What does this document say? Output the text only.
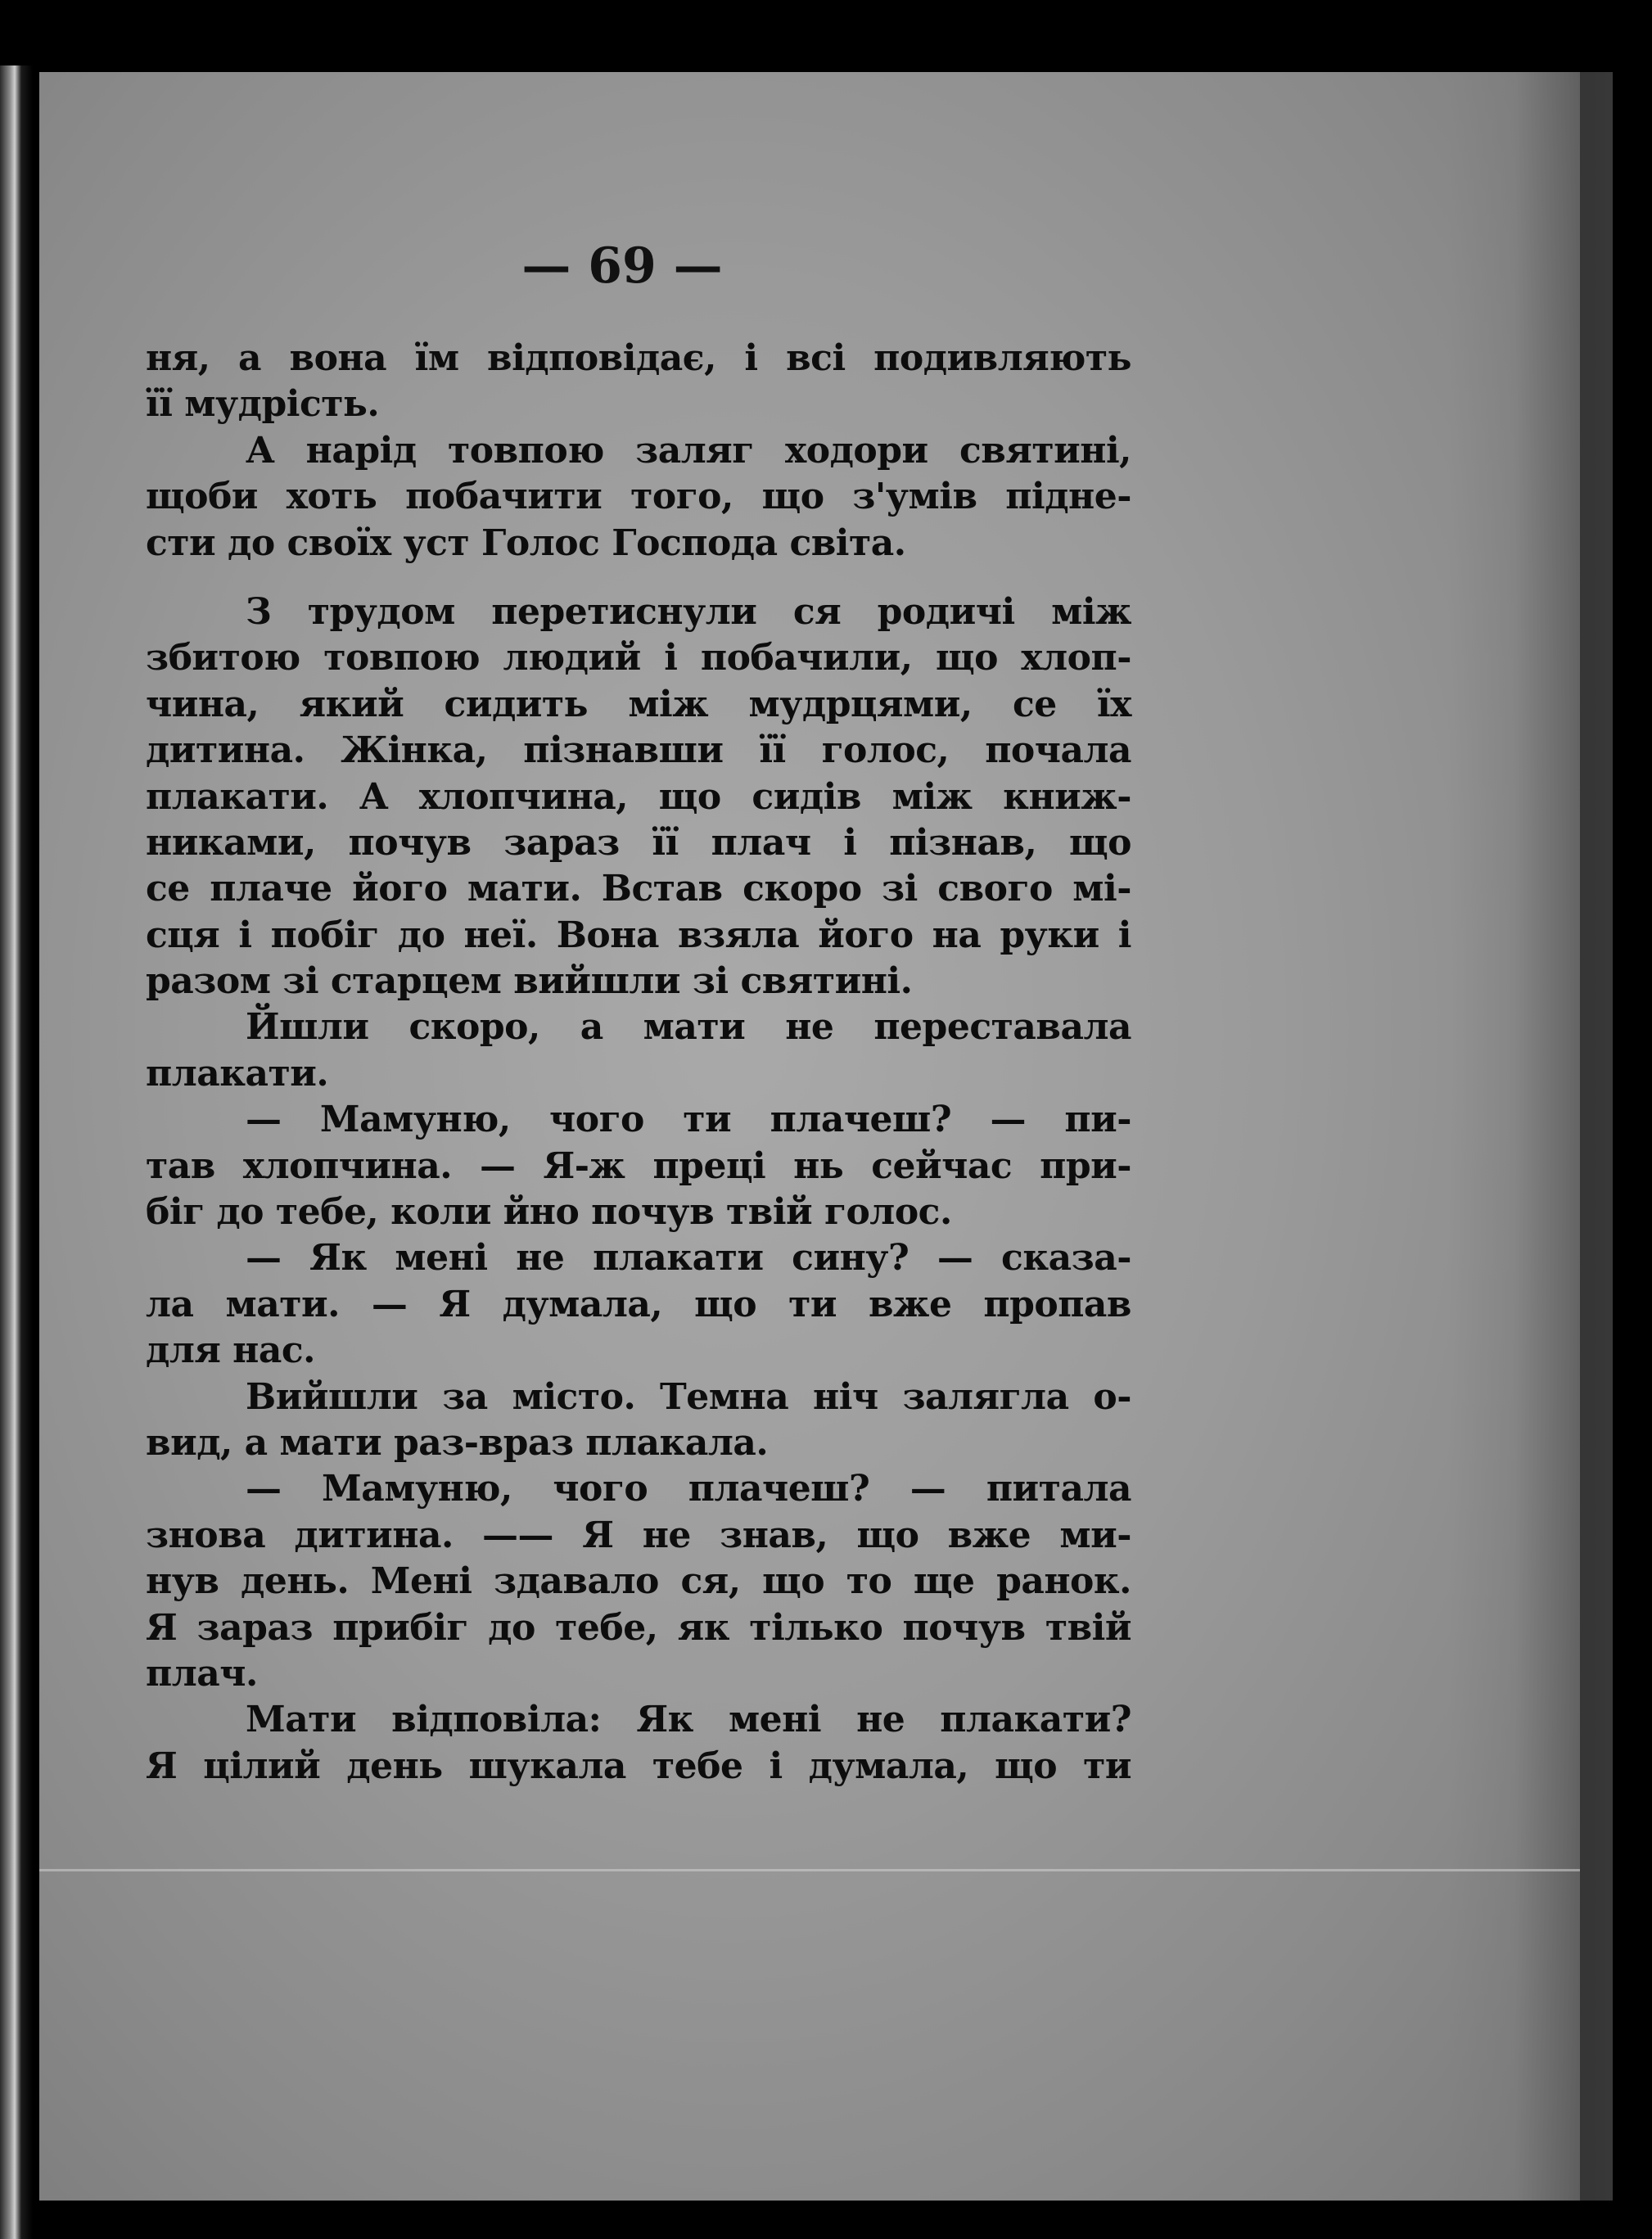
— 69 —
ня, а вона їм відповідає, і всі подивляють
її мудрість.
А нарід товпою заляг ходори святині,
щоби хоть побачити того, що з'умів підне-
сти до своїх уст Голос Господа світа.
З трудом перетиснули ся родичі між
збитою товпою людий і побачили, що хлоп-
чина, який сидить між мудрцями, се їх
дитина. Жінка, пізнавши її голос, почала
плакати. А хлопчина, що сидів між книж-
никами, почув зараз її плач і пізнав, що
се плаче його мати. Встав скоро зі свого мі-
сця і побіг до неї. Вона взяла його на руки і
разом зі старцем вийшли зі святині.
Йшли скоро, а мати не переставала
плакати.
— Мамуню, чого ти плачеш? — пи-
тав хлопчина. — Я-ж преці нь сейчас при-
біг до тебе, коли йно почув твій голос.
— Як мені не плакати сину? — сказа-
ла мати. — Я думала, що ти вже пропав
для нас.
Вийшли за місто. Темна ніч залягла о-
вид, а мати раз-враз плакала.
— Мамуню, чого плачеш? — питала
знова дитина. —— Я не знав, що вже ми-
нув день. Мені здавало ся, що то ще ранок.
Я зараз прибіг до тебе, як тілько почув твій
плач.
Мати відповіла: Як мені не плакати?
Я цілий день шукала тебе і думала, що ти
